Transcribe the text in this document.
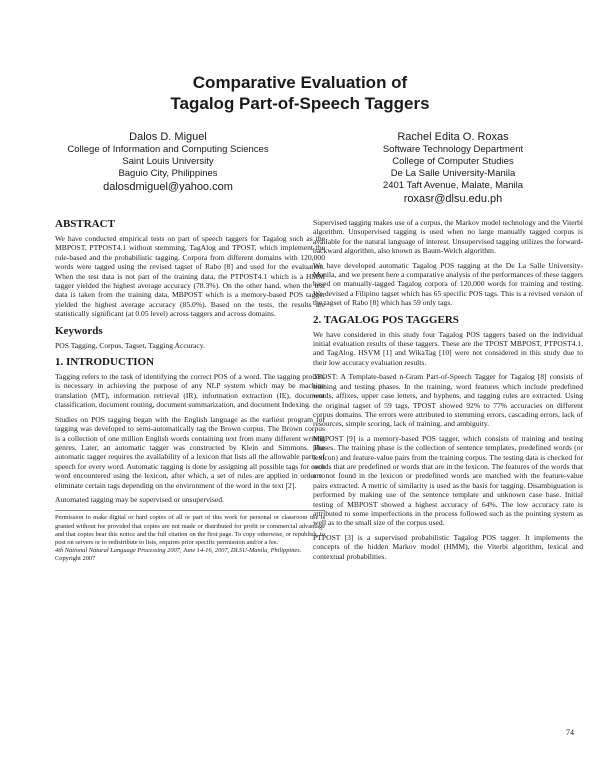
Comparative Evaluation of
Tagalog Part-of-Speech Taggers
Dalos D. Miguel
College of Information and Computing Sciences
Saint Louis University
Baguio City, Philippines
dalosdmiguel@yahoo.com
Rachel Edita O. Roxas
Software Technology Department
College of Computer Studies
De La Salle University-Manila
2401 Taft Avenue, Malate, Manila
roxasr@dlsu.edu.ph
ABSTRACT

We have conducted empirical tests on part of speech taggers for Tagalog such as the MBPOST, PTPOST4.1 without stemming, TagAlog and TPOST, which implement the rule-based and the probabilistic tagging. Corpora from different domains with 120,000 words were tagged using the revised tagset of Rabo [8] and used for the evaluation. When the test data is not part of the training data, the PTPOST4.1 which is a HMM tagger yielded the highest average accuracy (78.3%). On the other hand, when the test data is taken from the training data, MBPOST which is a memory-based POS tagger yielded the highest average accuracy (85.0%). Based on the tests, the results are statistically significant (at 0.05 level) across taggers and across domains.

Keywords

POS Tagging, Corpus, Tagset, Tagging Accuracy.

1. INTRODUCTION

Tagging refers to the task of identifying the correct POS of a word. The tagging process is necessary in achieving the purpose of any NLP system which may be machine translation (MT), information retrieval (IR), information extraction (IE), document classification, document routing, document summarization, and document Indexing.

Studies on POS tagging began with the English language as the earliest program for tagging was developed to semi-automatically tag the Brown corpus. The Brown corpus is a collection of one million English words containing text from many different writing genres. Later, an automatic tagger was constructed by Klein and Simmons. The automatic tagger requires the availability of a lexicon that lists all the allowable parts of speech for every word. Automatic tagging is done by assigning all possible tags for each word encountered using the lexicon, after which, a set of rules are applied in order to eliminate certain tags depending on the environment of the word in the text [2].

Automated tagging may be supervised or unsupervised.

Permission to make digital or hard copies of all or part of this work for personal or classroom use is granted without fee provided that copies are not made or distributed for profit or commercial advantage and that copies bear this notice and the full citation on the first page. To copy otherwise, or republish, to post on servers or to redistribute to lists, requires prior specific permission and/or a fee.
4th National Natural Language Processing 2007, June 14-16, 2007, DLSU-Manila, Philippines.
Copyright 2007

Supervised tagging makes use of a corpus, the Markov model technology and the Viterbi algorithm. Unsupervised tagging is used when no large manually tagged corpus is available for the natural language of interest. Unsupervised tagging utilizes the forward-backward algorithm, also known as Baum-Welch algorithm.

We have developed automatic Tagalog POS tagging at the De La Salle University-Manila, and we present here a comparative analysis of the performances of these taggers based on manually-tagged Tagalog corpora of 120,000 words for training and testing. We devised a Filipino tagset which has 65 specific POS tags. This is a revised version of the tagset of Rabo [8] which has 59 only tags.

2. TAGALOG POS TAGGERS

We have considered in this study four Tagalog POS taggers based on the individual initial evaluation results of these taggers. These are the TPOST MBPOST, PTPOST4.1, and TagAlog. HSVM [1] and WikaTag [10] were not considered in this study due to their low accuracy evaluation results.

TPOST: A Template-based n-Gram Part-of-Speech Tagger for Tagalog [8] consists of training and testing phases. In the training, word features which include predefined words, affixes, upper case letters, and hyphens, and tagging rules are extracted. Using the original tagset of 59 tags, TPOST showed 92% to 77% accuracies on different corpus domains. The errors were attributed to stemming errors, cascading errors, lack of resources, simple scoring, lack of training, and ambiguity.

MBPOST [9] is a memory-based POS tagger, which consists of training and testing phases. The training phase is the collection of sentence templates, predefined words (or lexicon) and feature-value pairs from the training corpus. The testing data is checked for words that are predefined or words that are in the lexicon. The features of the words that are not found in the lexicon or predefined words are matched with the feature-value pairs extracted. A metric of similarity is used as the basis for tagging. Disambiguation is performed by making use of the sentence template and unknown case base. Initial testing of MBPOST showed a highest accuracy of 64%. The low accuracy rate is attributed to some imperfections in the process followed such as the pointing system as well as to the small size of the corpus used.

PTPOST [3] is a supervised probabilistic Tagalog POS tagger. It implements the concepts of the hidden Markov model (HMM), the Viterbi algorithm, lexical and contextual probabilities.

74
